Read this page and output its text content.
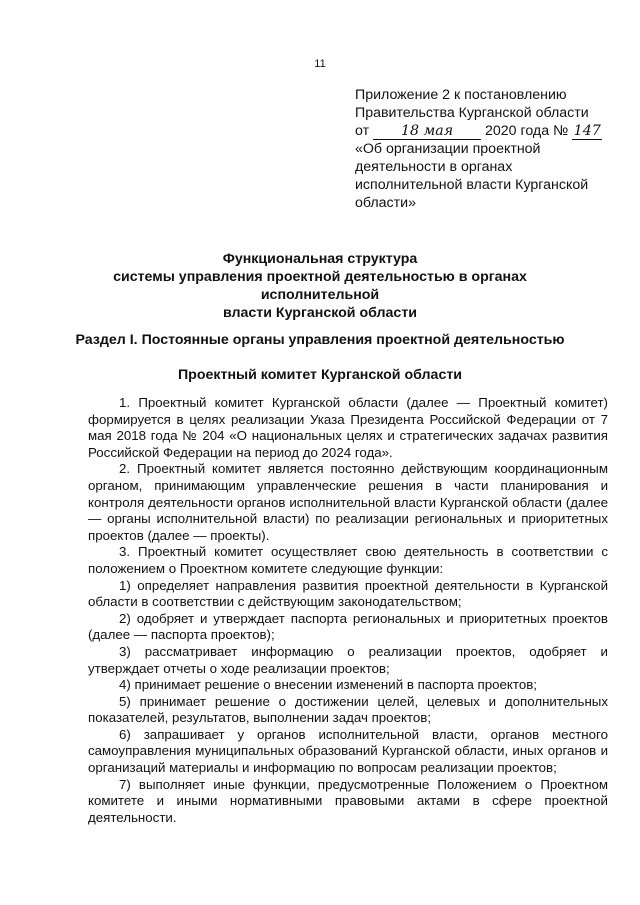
11
Приложение 2 к постановлению
Правительства Курганской области
от 18 мая 2020 года № 147
«Об организации проектной
деятельности в органах
исполнительной власти Курганской
области»
Функциональная структура
системы управления проектной деятельностью в органах исполнительной
власти Курганской области
Раздел I. Постоянные органы управления проектной деятельностью
Проектный комитет Курганской области

1. Проектный комитет Курганской области (далее — Проектный комитет) формируется в целях реализации Указа Президента Российской Федерации от 7 мая 2018 года № 204 «О национальных целях и стратегических задачах развития Российской Федерации на период до 2024 года».

2. Проектный комитет является постоянно действующим координационным органом, принимающим управленческие решения в части планирования и контроля деятельности органов исполнительной власти Курганской области (далее — органы исполнительной власти) по реализации региональных и приоритетных проектов (далее — проекты).

3. Проектный комитет осуществляет свою деятельность в соответствии с положением о Проектном комитете следующие функции:

1) определяет направления развития проектной деятельности в Курганской области в соответствии с действующим законодательством;

2) одобряет и утверждает паспорта региональных и приоритетных проектов (далее — паспорта проектов);

3) рассматривает информацию о реализации проектов, одобряет и утверждает отчеты о ходе реализации проектов;

4) принимает решение о внесении изменений в паспорта проектов;

5) принимает решение о достижении целей, целевых и дополнительных показателей, результатов, выполнении задач проектов;

6) запрашивает у органов исполнительной власти, органов местного самоуправления муниципальных образований Курганской области, иных органов и организаций материалы и информацию по вопросам реализации проектов;

7) выполняет иные функции, предусмотренные Положением о Проектном комитете и иными нормативными правовыми актами в сфере проектной деятельности.
